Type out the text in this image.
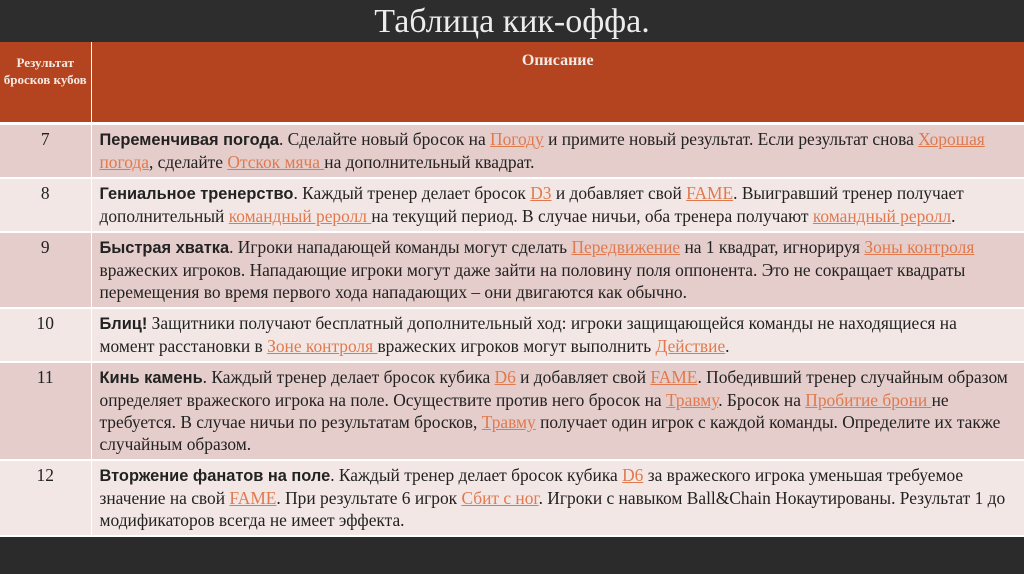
Таблица кик-оффа.
Результат бросков кубов	Описание
7	Переменчивая погода. Сделайте новый бросок на Погоду и примите новый результат. Если результат снова Хорошая погода, сделайте Отскок мяча на дополнительный квадрат.
8	Гениальное тренерство. Каждый тренер делает бросок D3 и добавляет свой FAME. Выигравший тренер получает дополнительный командный реролл на текущий период. В случае ничьи, оба тренера получают командный реролл.
9	Быстрая хватка. Игроки нападающей команды могут сделать Передвижение на 1 квадрат, игнорируя Зоны контроля вражеских игроков. Нападающие игроки могут даже зайти на половину поля оппонента. Это не сокращает квадраты перемещения во время первого хода нападающих – они двигаются как обычно.
10	Блиц! Защитники получают бесплатный дополнительный ход: игроки защищающейся команды не находящиеся на момент расстановки в Зоне контроля вражеских игроков могут выполнить Действие.
11	Кинь камень. Каждый тренер делает бросок кубика D6 и добавляет свой FAME. Победивший тренер случайным образом определяет вражеского игрока на поле. Осуществите против него бросок на Травму. Бросок на Пробитие брони не требуется. В случае ничьи по результатам бросков, Травму получает один игрок с каждой команды. Определите их также случайным образом.
12	Вторжение фанатов на поле. Каждый тренер делает бросок кубика D6 за вражеского игрока уменьшая требуемое значение на свой FAME. При результате 6 игрок Сбит с ног. Игроки с навыком Ball&Chain Нокаутированы. Результат 1 до модификаторов всегда не имеет эффекта.
